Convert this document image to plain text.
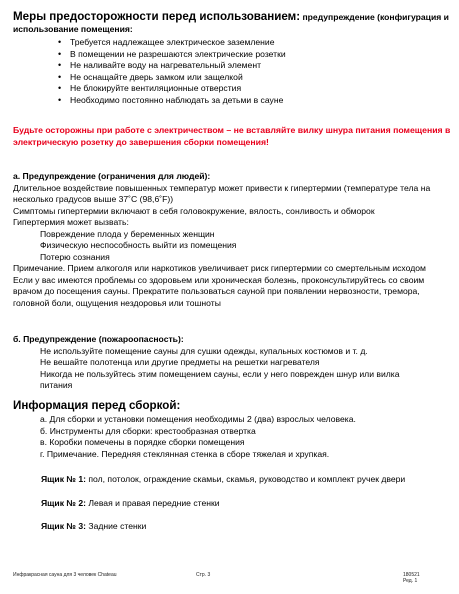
Меры предосторожности перед использованием: предупреждение (конфигурация и использование помещения:
• Требуется надлежащее электрическое заземление
• В помещении не разрешаются электрические розетки
• Не наливайте воду на нагревательный элемент
• Не оснащайте дверь замком или защелкой
• Не блокируйте вентиляционные отверстия
• Необходимо постоянно наблюдать за детьми в сауне
Будьте осторожны при работе с электричеством – не вставляйте вилку шнура питания помещения в электрическую розетку до завершения сборки помещения!
а. Предупреждение (ограничения для людей):
Длительное воздействие повышенных температур может привести к гипертермии (температуре тела на несколько градусов выше 37˚C (98,6˚F))
Симптомы гипертермии включают в себя головокружение, вялость, сонливость и обморок
Гипертермия может вызвать:
Повреждение плода у беременных женщин
Физическую неспособность выйти из помещения
Потерю сознания
Примечание. Прием алкоголя или наркотиков увеличивает риск гипертермии со смертельным исходом
Если у вас имеются проблемы со здоровьем или хроническая болезнь, проконсультируйтесь со своим врачом до посещения сауны. Прекратите пользоваться сауной при появлении нервозности, тремора, головной боли, ощущения нездоровья или тошноты
б. Предупреждение (пожароопасность):
Не используйте помещение сауны для сушки одежды, купальных костюмов и т. д.
Не вешайте полотенца или другие предметы на решетки нагревателя
Никогда не пользуйтесь этим помещением сауны, если у него поврежден шнур или вилка питания
Информация перед сборкой:
а. Для сборки и установки помещения необходимы 2 (два) взрослых человека.
б. Инструменты для сборки: крестообразная отвертка
в. Коробки помечены в порядке сборки помещения
г. Примечание. Передняя стеклянная стенка в сборе тяжелая и хрупкая.
Ящик № 1: пол, потолок, ограждение скамьи, скамья, руководство и комплект ручек двери
Ящик № 2: Левая и правая передние стенки
Ящик № 3: Задние стенки
Инфракрасная сауна для 3 человек Chateau	Стр. 3	180521
Ред. 1
